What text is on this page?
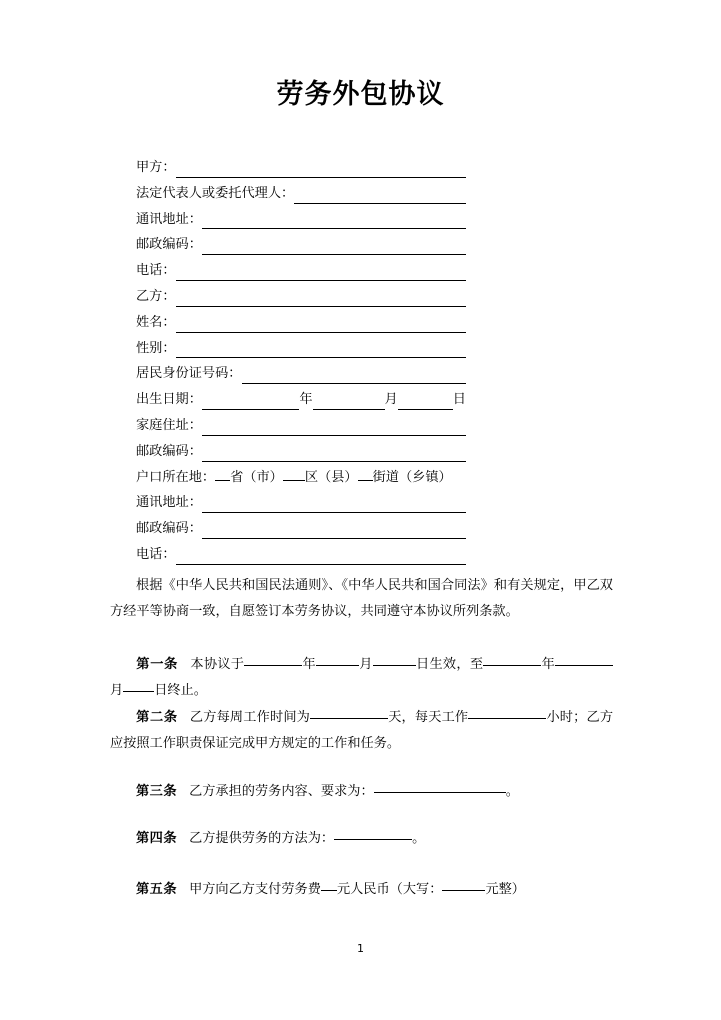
劳务外包协议
甲方：
法定代表人或委托代理人：
通讯地址：
邮政编码：
电话：
乙方：
姓名：
性别：
居民身份证号码：
出生日期：	年	月	日
家庭住址：
邮政编码：
户口所在地： 省（市） 区（县） 街道（乡镇）
通讯地址：
邮政编码：
电话：
根据《中华人民共和国民法通则》、《中华人民共和国合同法》和有关规定，甲乙双方经平等协商一致，自愿签订本劳务协议，共同遵守本协议所列条款。
第一条 本协议于	年	月	日生效，至	年月 日终止。
第二条 乙方每周工作时间为	天，每天工作	小时；乙方应按照工作职责保证完成甲方规定的工作和任务。
第三条 乙方承担的劳务内容、要求为：	。
第四条 乙方提供劳务的方法为：	。
第五条 甲方向乙方支付劳务费 元人民币（大写：	元整）
1
